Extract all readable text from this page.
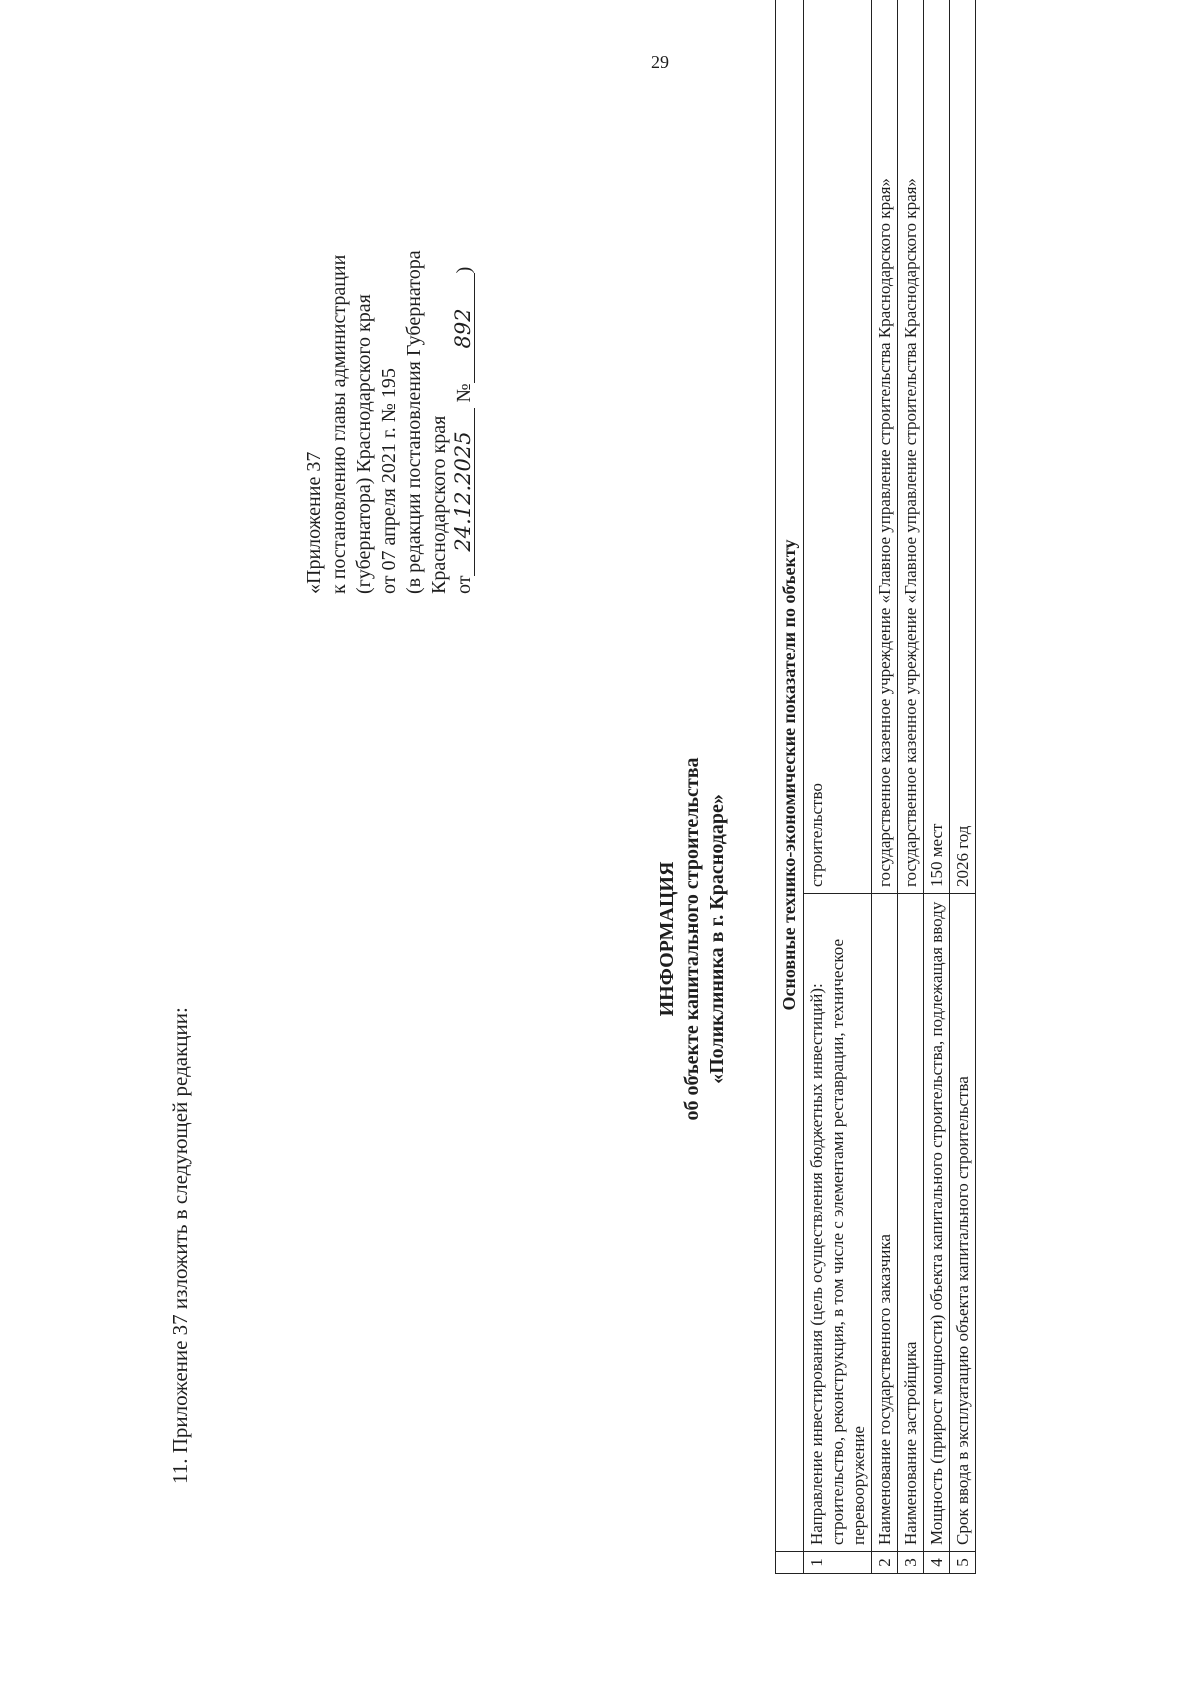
29
11. Приложение 37 изложить в следующей редакции:
«Приложение 37 к постановлению главы администрации (губернатора) Краснодарского края от 07 апреля 2021 г. № 195 (в редакции постановления Губернатора Краснодарского края от24.12.2025 №892)
ИНФОРМАЦИЯ об объекте капитального строительства «Поликлиника в г. Краснодаре»
		Основные технико-экономические показатели по объекту	
1	Направление инвестирования (цель осуществления бюджетных инвестиций): строительство, реконструкция, в том числе с элементами реставрации, техническое перевооружение	строительство
2	Наименование государственного заказчика	государственное казенное учреждение «Главное управление строительства Краснодарского края»
3	Наименование застройщика	государственное казенное учреждение «Главное управление строительства Краснодарского края»
4	Мощность (прирост мощности) объекта капитального строительства, подлежащая вводу	150 мест
5	Срок ввода в эксплуатацию объекта капитального строительства	2026 год
